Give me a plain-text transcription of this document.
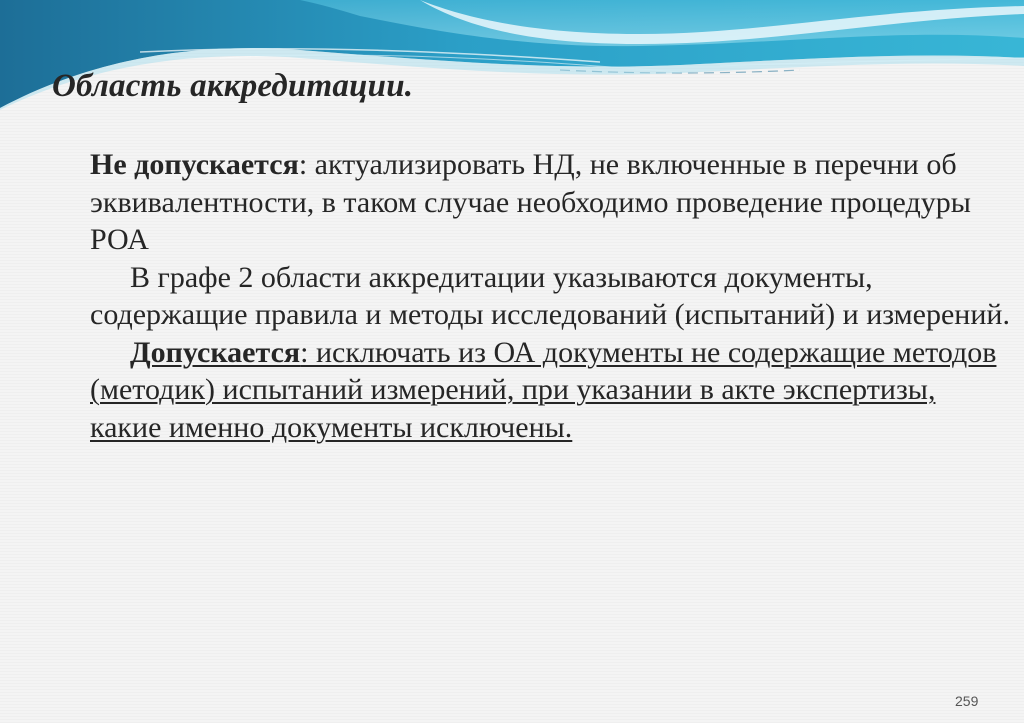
Область аккредитации.

Не допускается: актуализировать НД, не включенные в перечни об эквивалентности, в таком случае необходимо проведение процедуры РОА

В графе 2 области аккредитации указываются документы, содержащие правила и методы исследований (испытаний) и измерений.

Допускается: исключать из ОА документы не содержащие методов (методик) испытаний измерений, при указании в акте экспертизы, какие именно документы исключены.

259
